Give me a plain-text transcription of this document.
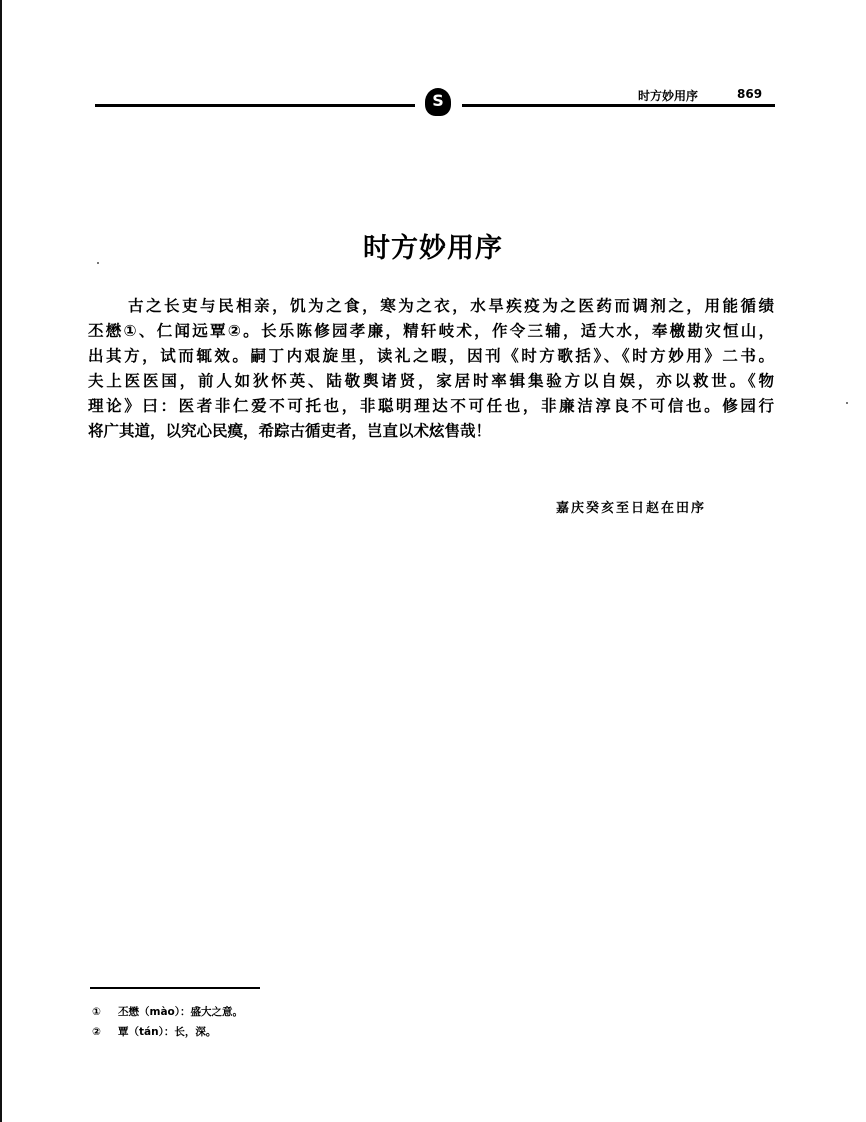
S	时方妙用序	869
时方妙用序
古之长吏与民相亲，饥为之食，寒为之衣，水旱疾疫为之医药而调剂之，用能循绩
丕懋①、仁闻远覃②。长乐陈修园孝廉，精轩岐术，作令三辅，适大水，奉檄勘灾恒山，
出其方，试而辄效。嗣丁内艰旋里，读礼之暇，因刊《时方歌括》、《时方妙用》二书。
夫上医医国，前人如狄怀英、陆敬舆诸贤，家居时率辑集验方以自娱，亦以救世。《物
理论》曰：医者非仁爱不可托也，非聪明理达不可任也，非廉洁淳良不可信也。修园行
将广其道，以究心民瘼，希踪古循吏者，岂直以术炫售哉！
嘉庆癸亥至日赵在田序
① 丕懋（mào）：盛大之意。
② 覃（tán）：长，深。
